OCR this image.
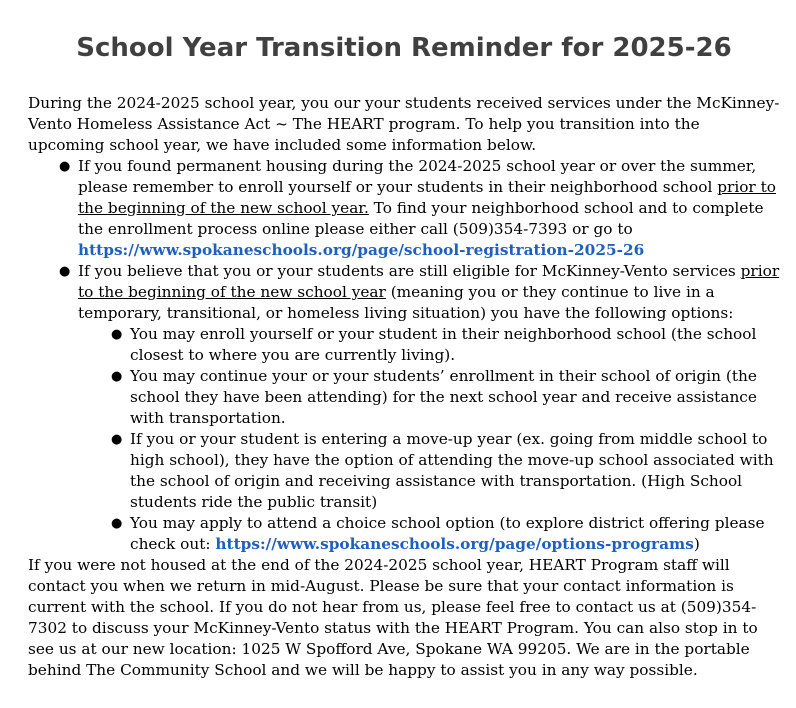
School Year Transition Reminder for 2025-26

During the 2024-2025 school year, you our your students received services under the McKinney-Vento Homeless Assistance Act ~ The HEART program. To help you transition into the upcoming school year, we have included some information below.

● If you found permanent housing during the 2024-2025 school year or over the summer, please remember to enroll yourself or your students in their neighborhood school prior to the beginning of the new school year. To find your neighborhood school and to complete the enrollment process online please either call (509)354-7393 or go to
https://www.spokaneschools.org/page/school-registration-2025-26
● If you believe that you or your students are still eligible for McKinney-Vento services prior to the beginning of the new school year (meaning you or they continue to live in a temporary, transitional, or homeless living situation) you have the following options:
● You may enroll yourself or your student in their neighborhood school (the school closest to where you are currently living).
● You may continue your or your students’ enrollment in their school of origin (the school they have been attending) for the next school year and receive assistance with transportation.
● If you or your student is entering a move-up year (ex. going from middle school to high school), they have the option of attending the move-up school associated with the school of origin and receiving assistance with transportation. (High School students ride the public transit)
● You may apply to attend a choice school option (to explore district offering please check out: https://www.spokaneschools.org/page/options-programs)

If you were not housed at the end of the 2024-2025 school year, HEART Program staff will contact you when we return in mid-August. Please be sure that your contact information is current with the school. If you do not hear from us, please feel free to contact us at (509)354-7302 to discuss your McKinney-Vento status with the HEART Program. You can also stop in to see us at our new location: 1025 W Spofford Ave, Spokane WA 99205. We are in the portable behind The Community School and we will be happy to assist you in any way possible.
